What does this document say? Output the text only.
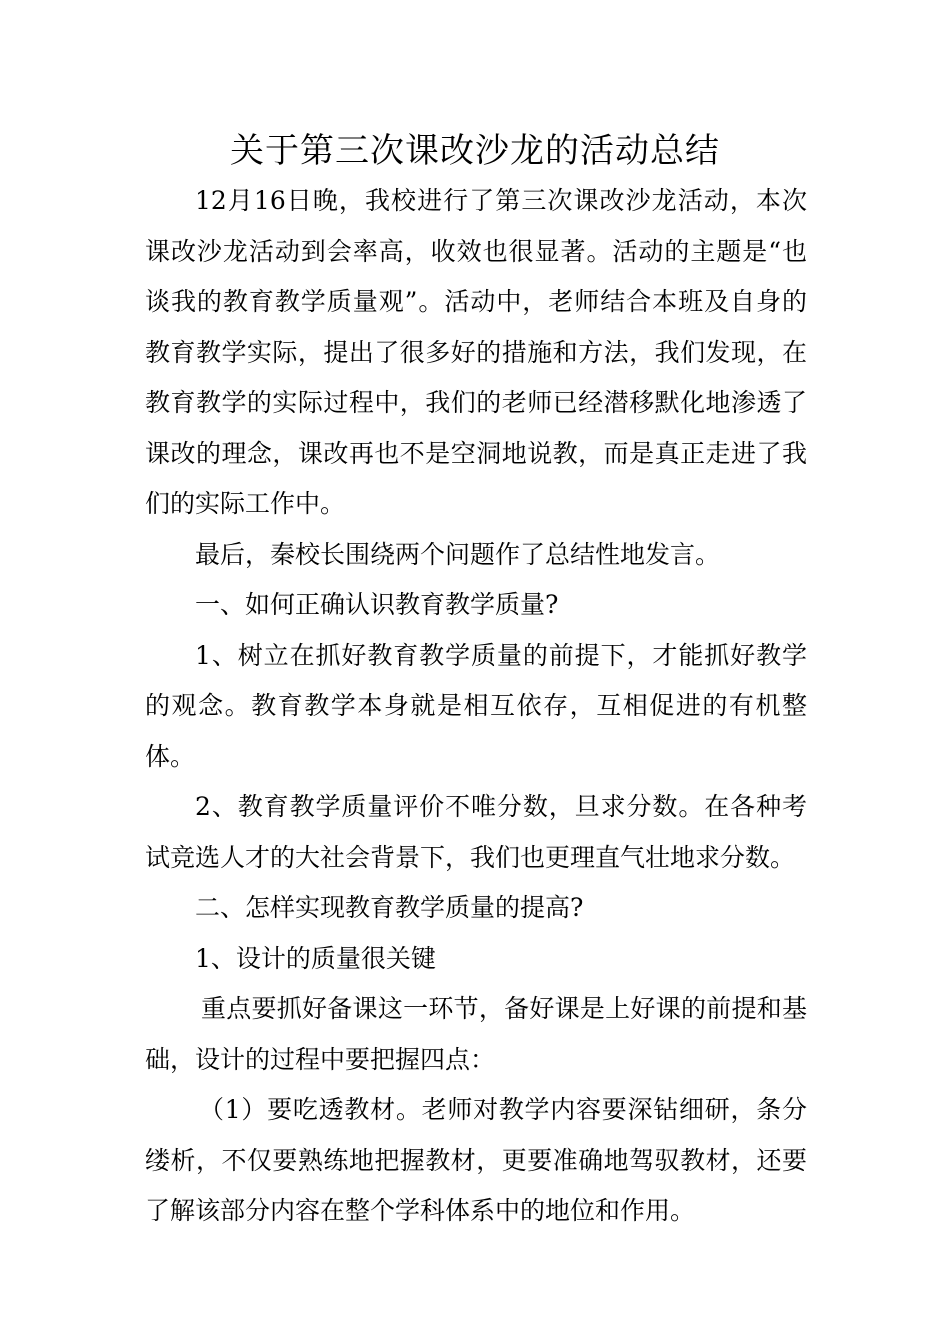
关于第三次课改沙龙的活动总结

12月16日晚，我校进行了第三次课改沙龙活动，本次课改沙龙活动到会率高，收效也很显著。活动的主题是“也谈我的教育教学质量观”。活动中，老师结合本班及自身的教育教学实际，提出了很多好的措施和方法，我们发现，在教育教学的实际过程中，我们的老师已经潜移默化地渗透了课改的理念，课改再也不是空洞地说教，而是真正走进了我们的实际工作中。

最后，秦校长围绕两个问题作了总结性地发言。

一、如何正确认识教育教学质量?

1、树立在抓好教育教学质量的前提下，才能抓好教学的观念。教育教学本身就是相互依存，互相促进的有机整体。

2、教育教学质量评价不唯分数，旦求分数。在各种考试竞选人才的大社会背景下，我们也更理直气壮地求分数。

二、怎样实现教育教学质量的提高?

1、设计的质量很关键

重点要抓好备课这一环节，备好课是上好课的前提和基础，设计的过程中要把握四点：

（1）要吃透教材。老师对教学内容要深钻细研，条分缕析，不仅要熟练地把握教材，更要准确地驾驭教材，还要了解该部分内容在整个学科体系中的地位和作用。
